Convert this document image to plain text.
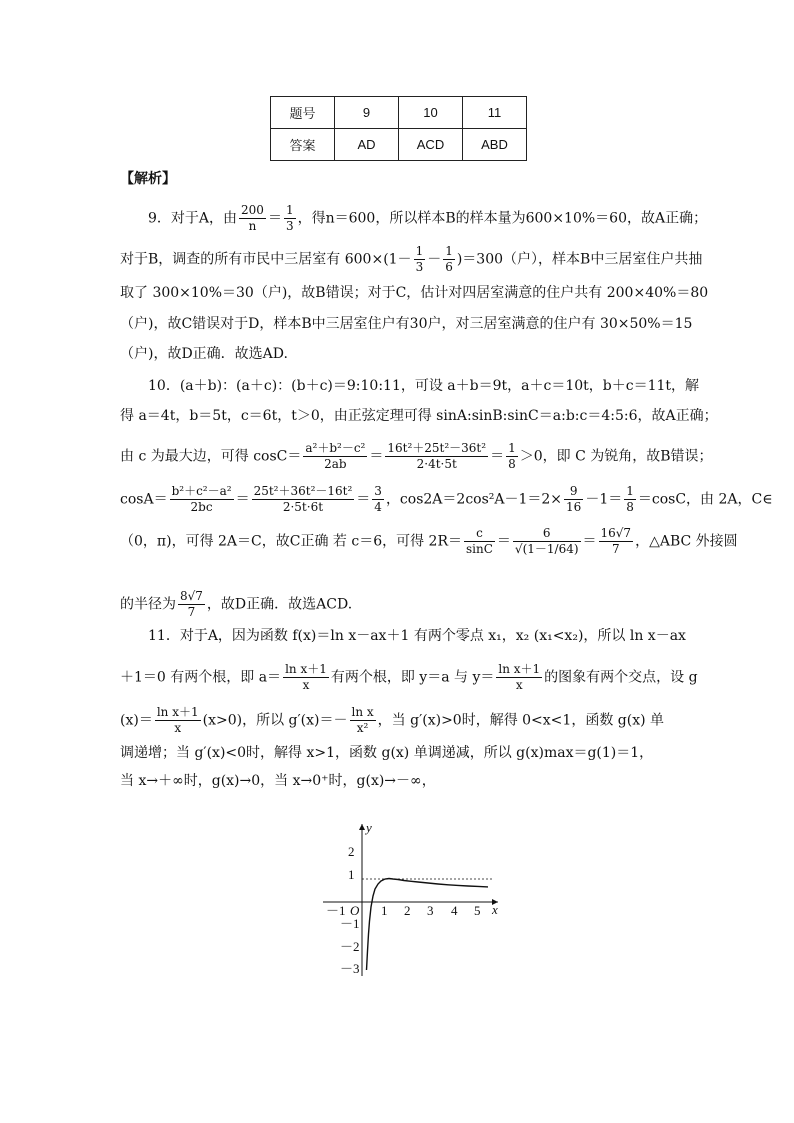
题号	9	10	11
答案	AD	ACD	ABD
【解析】
9．对于A，由 $\frac{200}{n} = \frac{1}{3}$ ，得n＝600，所以样本B的样本量为600×10%＝60，故A正确；
对于B，调查的所有市民中三居室有 $600\times(1- \frac{1}{3} - \frac{1}{6} )=300$（户），样本B中三居室住户共抽
取了 300×10%＝30（户)，故B错误；对于C，估计对四居室满意的住户共有 200×40%＝80
（户)，故C错误对于D，样本B中三居室住户有30户，对三居室满意的住户有 30×50%＝15
（户)，故D正确．故选AD.
10．(a＋b)：(a＋c)：(b＋c)＝9:10:11，可设 a＋b＝9t，a＋c＝10t，b＋c＝11t，解
得 a＝4t，b＝5t，c＝6t，t＞0，由正弦定理可得 sinA:sinB:sinC＝a:b:c＝4:5:6，故A正确；
由 c 为最大边，可得 $\cos C= \frac{\text{a²＋b²－c²}}{2ab} = \frac{\text{16t²＋25t²－36t²}}{2\cdot 4t\cdot 5t} = \frac{1}{8} >0$，即 C 为锐角，故B错误；
$\cos A= \frac{\text{b²＋c²－a²}}{2bc} = \frac{\text{25t²＋36t²－16t²}}{2\cdot 5t\cdot 6t} = \frac{3}{4}$ ，$\cos 2A=2\cos^2A-1=2\times \frac{9}{16} -1= \frac{1}{8} =\cos C$，由 2A，C∈
（0，π)，可得 2A＝C，故C正确 若 c＝6，可得 $2R= \frac{c}{\sin C} = \frac{6}{√(1-1/64)} = \frac{16√7}{7}$ ，△ABC 外接圆
的半径为 $\frac{8√7}{7}$ ，故D正确．故选ACD.
11．对于A，因为函数 f(x)＝ln x－ax＋1 有两个零点 x₁，x₂ (x₁<x₂)，所以 ln x－ax
＋1＝0 有两个根，即 $a= \frac{\text{ln x＋1}}{x}$ 有两个根，即 y＝a 与 $y= \frac{\text{ln x＋1}}{x}$ 的图象有两个交点，设 g
$(x)= \frac{\text{ln x＋1}}{x} (x>0)$，所以 $g'(x)=- \frac{\text{ln x}}{\text{x²}}$ ，当 g′(x)>0时，解得 0<x<1，函数 g(x) 单
调递增；当 g′(x)<0时，解得 x>1，函数 g(x) 单调递减，所以 g(x)max＝g(1)＝1，
当 x→＋∞时，g(x)→0，当 x→0⁺时，g(x)→－∞，
y
x
O
－1	1 2 3 4 5
2
1
－1
－2
－3
